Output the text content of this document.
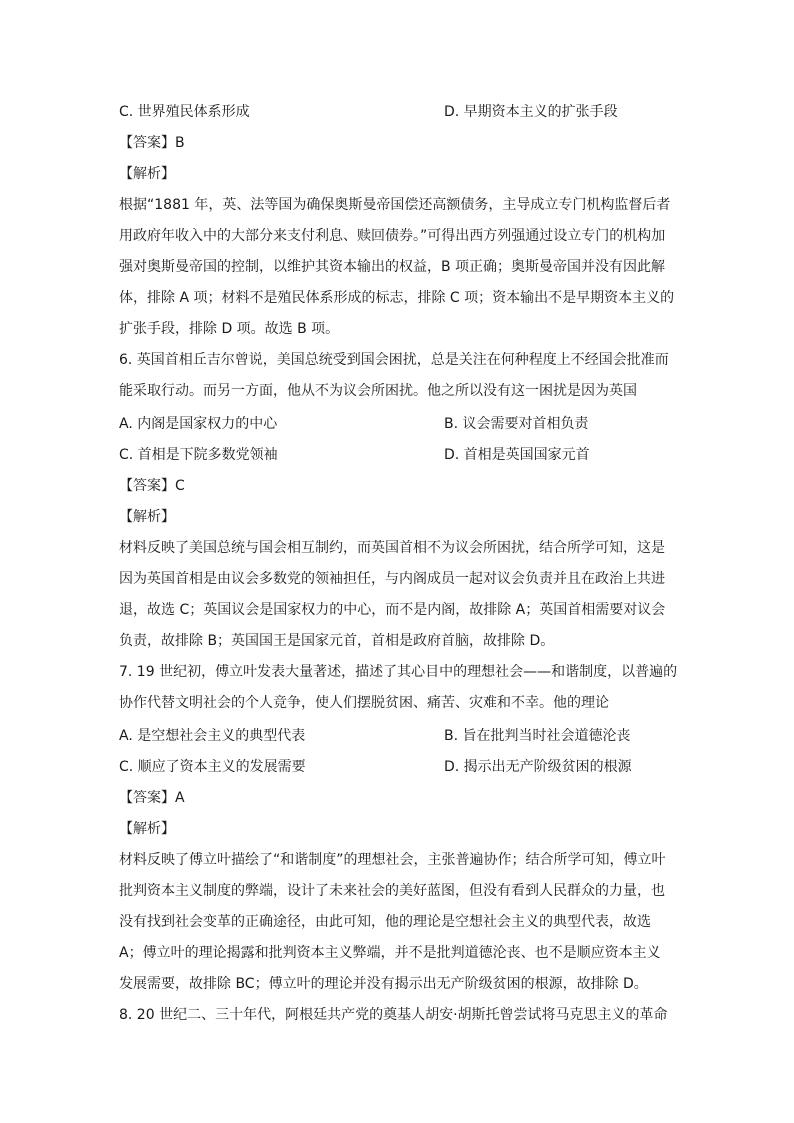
C. 世界殖民体系形成	D. 早期资本主义的扩张手段
【答案】B
【解析】
根据“1881 年，英、法等国为确保奥斯曼帝国偿还高额债务，主导成立专门机构监督后者
用政府年收入中的大部分来支付利息、赎回债券。”可得出西方列强通过设立专门的机构加
强对奥斯曼帝国的控制，以维护其资本输出的权益，B 项正确；奥斯曼帝国并没有因此解
体，排除 A 项；材料不是殖民体系形成的标志，排除 C 项；资本输出不是早期资本主义的
扩张手段，排除 D 项。故选 B 项。
6. 英国首相丘吉尔曾说，美国总统受到国会困扰，总是关注在何种程度上不经国会批准而
能采取行动。而另一方面，他从不为议会所困扰。他之所以没有这一困扰是因为英国
A. 内阁是国家权力的中心	B. 议会需要对首相负责
C. 首相是下院多数党领袖	D. 首相是英国国家元首
【答案】C
【解析】
材料反映了美国总统与国会相互制约，而英国首相不为议会所困扰，结合所学可知，这是
因为英国首相是由议会多数党的领袖担任，与内阁成员一起对议会负责并且在政治上共进
退，故选 C；英国议会是国家权力的中心，而不是内阁，故排除 A；英国首相需要对议会
负责，故排除 B；英国国王是国家元首，首相是政府首脑，故排除 D。
7. 19 世纪初，傅立叶发表大量著述，描述了其心目中的理想社会——和谐制度，以普遍的
协作代替文明社会的个人竞争，使人们摆脱贫困、痛苦、灾难和不幸。他的理论
A. 是空想社会主义的典型代表	B. 旨在批判当时社会道德沦丧
C. 顺应了资本主义的发展需要	D. 揭示出无产阶级贫困的根源
【答案】A
【解析】
材料反映了傅立叶描绘了“和谐制度”的理想社会，主张普遍协作；结合所学可知，傅立叶
批判资本主义制度的弊端，设计了未来社会的美好蓝图，但没有看到人民群众的力量，也
没有找到社会变革的正确途径，由此可知，他的理论是空想社会主义的典型代表，故选
A；傅立叶的理论揭露和批判资本主义弊端，并不是批判道德沦丧、也不是顺应资本主义
发展需要，故排除 BC；傅立叶的理论并没有揭示出无产阶级贫困的根源，故排除 D。
8. 20 世纪二、三十年代，阿根廷共产党的奠基人胡安·胡斯托曾尝试将马克思主义的革命
